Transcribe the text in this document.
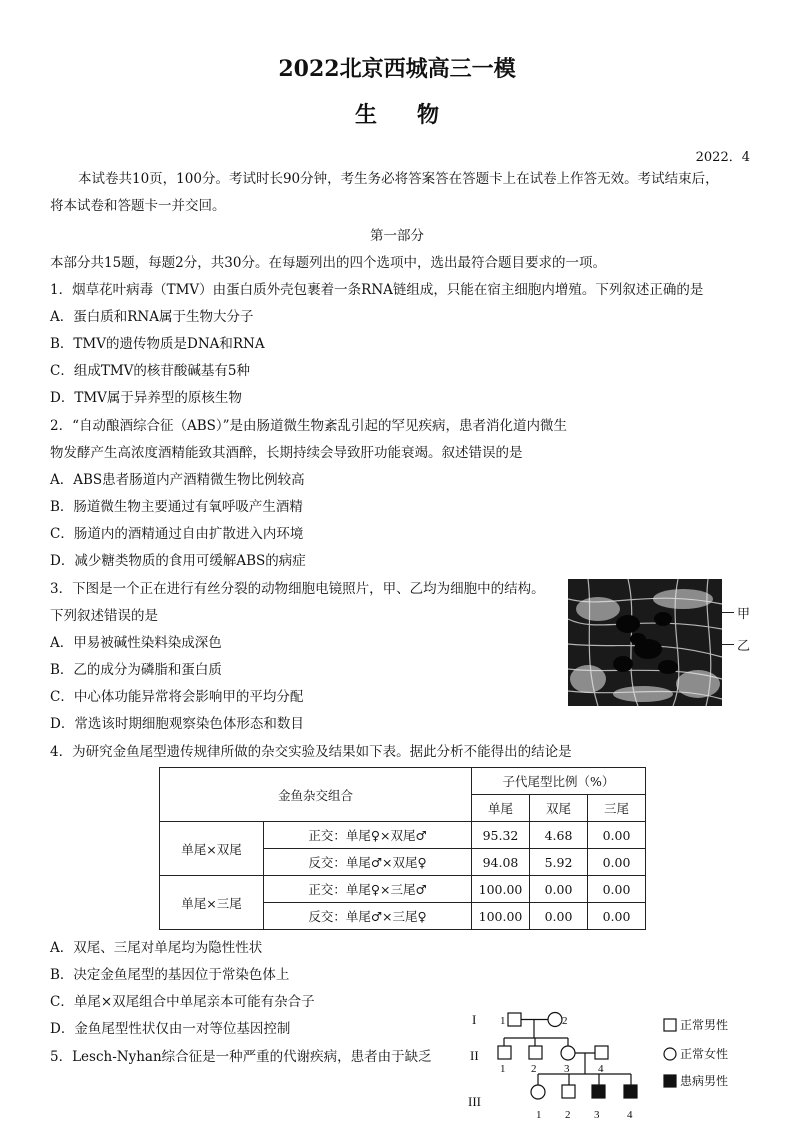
2022北京西城高三一模
生物
2022．4
本试卷共10页，100分。考试时长90分钟，考生务必将答案答在答题卡上在试卷上作答无效。考试结束后，
将本试卷和答题卡一并交回。
第一部分
本部分共15题，每题2分，共30分。在每题列出的四个选项中，选出最符合题目要求的一项。
1．烟草花叶病毒（TMV）由蛋白质外壳包裹着一条RNA链组成，只能在宿主细胞内增殖。下列叙述正确的是
A．蛋白质和RNA属于生物大分子
B．TMV的遗传物质是DNA和RNA
C．组成TMV的核苷酸碱基有5种
D．TMV属于异养型的原核生物
2．“自动酿酒综合征（ABS）”是由肠道微生物紊乱引起的罕见疾病，患者消化道内微生
物发酵产生高浓度酒精能致其酒醉，长期持续会导致肝功能衰竭。叙述错误的是
A．ABS患者肠道内产酒精微生物比例较高
B．肠道微生物主要通过有氧呼吸产生酒精
C．肠道内的酒精通过自由扩散进入内环境
D．减少糖类物质的食用可缓解ABS的病症
3．下图是一个正在进行有丝分裂的动物细胞电镜照片，甲、乙均为细胞中的结构。
下列叙述错误的是
A．甲易被碱性染料染成深色
B．乙的成分为磷脂和蛋白质
C．中心体功能异常将会影响甲的平均分配
D．常选该时期细胞观察染色体形态和数目
甲
乙
4．为研究金鱼尾型遗传规律所做的杂交实验及结果如下表。据此分析不能得出的结论是
金鱼杂交组合		子代尾型比例（%）		
		单尾	双尾	三尾
单尾×双尾	正交：单尾♀×双尾♂	95.32	4.68	0.00
	反交：单尾♂×双尾♀	94.08	5.92	0.00
单尾×三尾	正交：单尾♀×三尾♂	100.00	0.00	0.00
	反交：单尾♂×三尾♀	100.00	0.00	0.00
A．双尾、三尾对单尾均为隐性性状
B．决定金鱼尾型的基因位于常染色体上
C．单尾×双尾组合中单尾亲本可能有杂合子
D．金鱼尾型性状仅由一对等位基因控制
5．Lesch-Nyhan综合征是一种严重的代谢疾病，患者由于缺乏
I
II
III
1	2
1 2	3	4
1 2 3	4
正常男性
正常女性
患病男性
